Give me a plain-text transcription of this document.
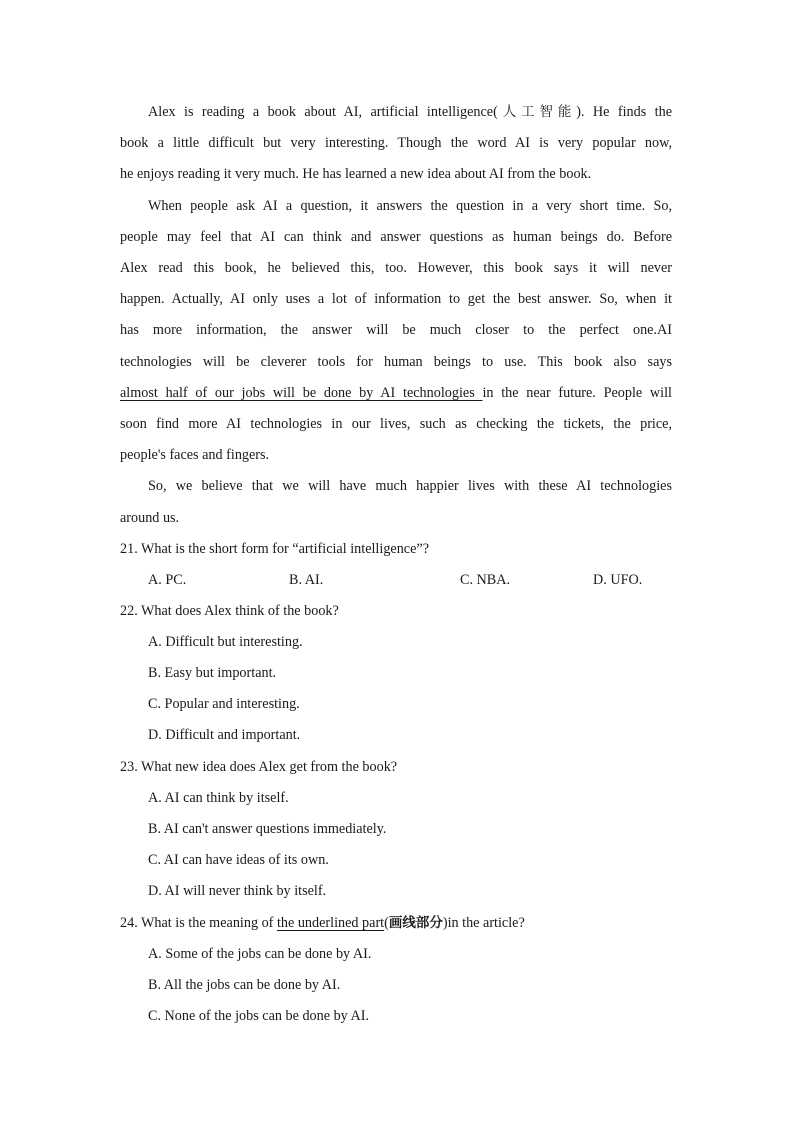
Alex is reading a book about AI, artificial intelligence(人工智能). He finds the
book a little difficult but very interesting. Though the word AI is very popular now,
he enjoys reading it very much. He has learned a new idea about AI from the book.
When people ask AI a question, it answers the question in a very short time. So,
people may feel that AI can think and answer questions as human beings do. Before
Alex read this book, he believed this, too. However, this book says it will never
happen. Actually, AI only uses a lot of information to get the best answer. So, when it
has more information, the answer will be much closer to the perfect one.AI
technologies will be cleverer tools for human beings to use. This book also says
almost half of our jobs will be done by AI technologies in the near future. People will
soon find more AI technologies in our lives, such as checking the tickets, the price,
people's faces and fingers.
So, we believe that we will have much happier lives with these AI technologies
around us.
21. What is the short form for “artificial intelligence”?
A. PC.	B. AI.	C. NBA.	D. UFO.
22. What does Alex think of the book?
A. Difficult but interesting.
B. Easy but important.
C. Popular and interesting.
D. Difficult and important.
23. What new idea does Alex get from the book?
A. AI can think by itself.
B. AI can't answer questions immediately.
C. AI can have ideas of its own.
D. AI will never think by itself.
24. What is the meaning of the underlined part(画线部分)in the article?
A. Some of the jobs can be done by AI.
B. All the jobs can be done by AI.
C. None of the jobs can be done by AI.
